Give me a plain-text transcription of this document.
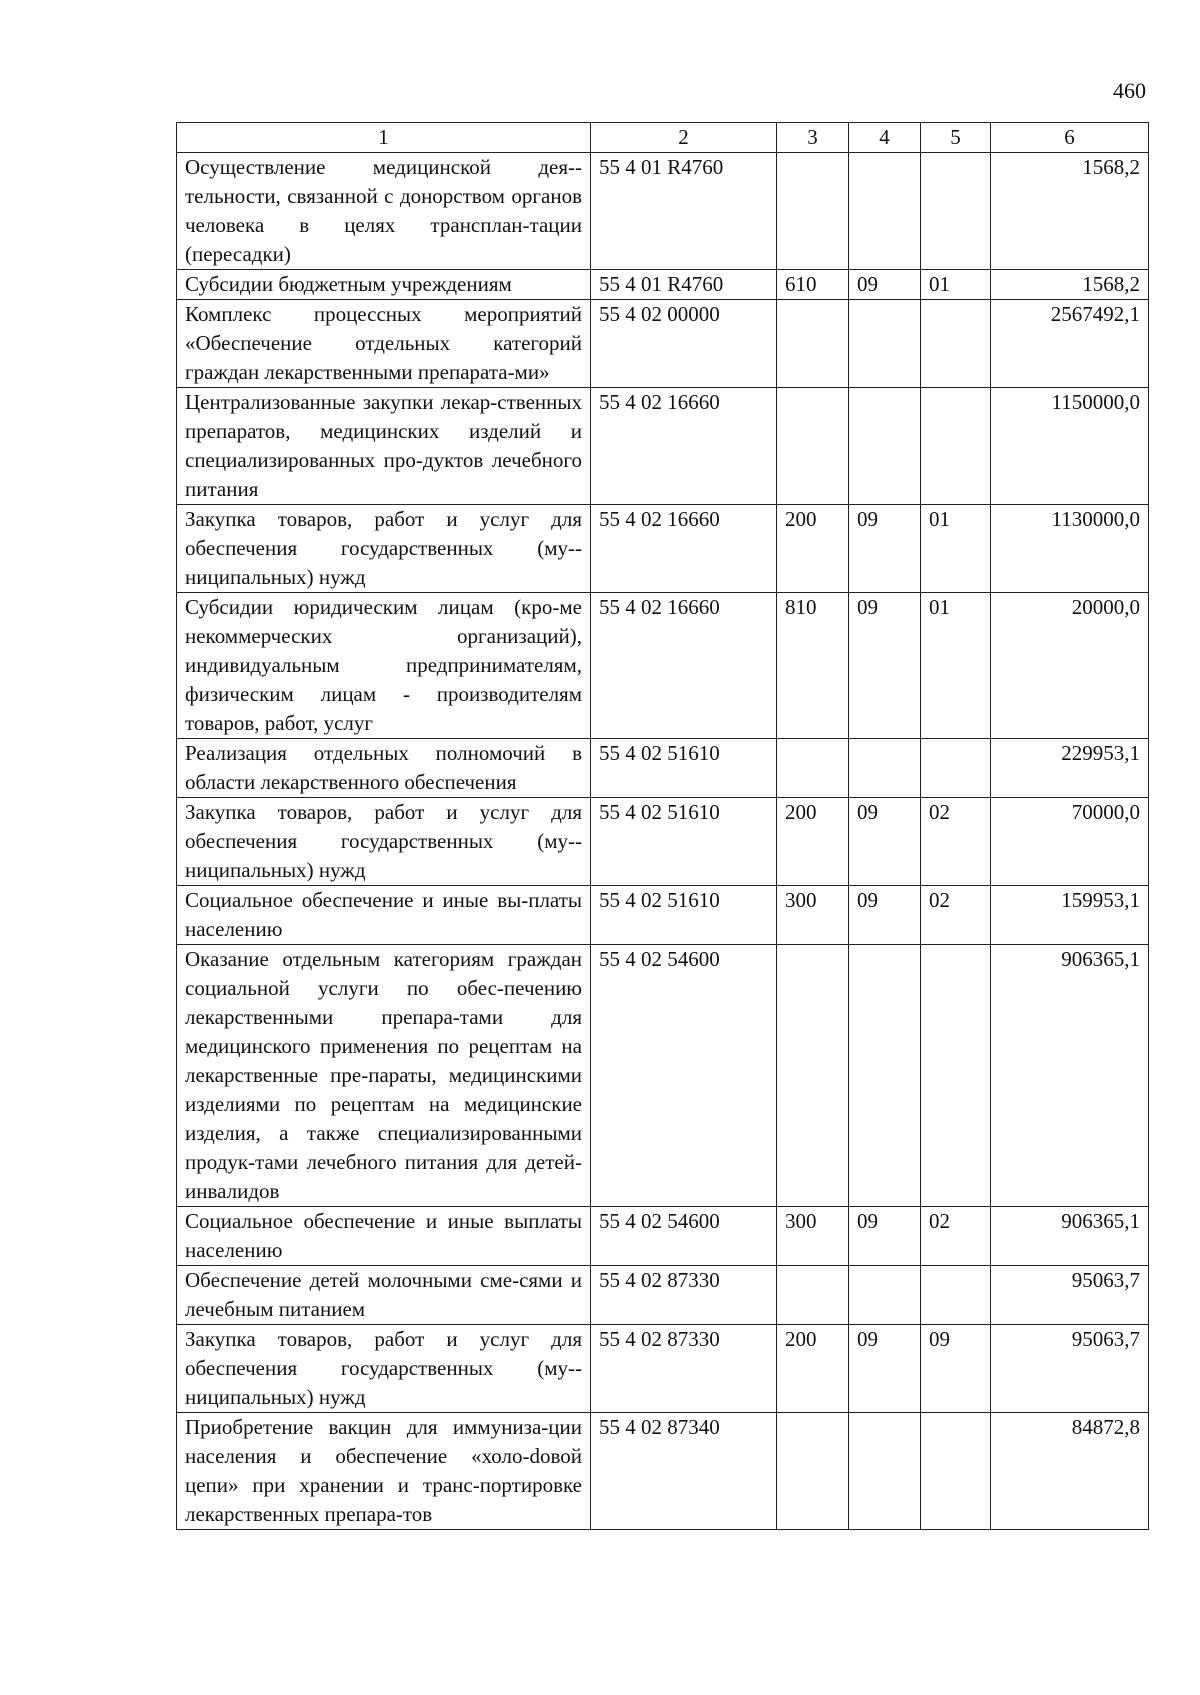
460
1	2	3	4	5	6
Осуществление медицинской дея-тельности, связанной с донорством органов человека в целях трансплан-тации (пересадки)	55 4 01 R4760				1568,2
Субсидии бюджетным учреждениям	55 4 01 R4760	610	09	01	1568,2
Комплекс процессных мероприятий «Обеспечение отдельных категорий граждан лекарственными препарата-ми»	55 4 02 00000				2567492,1
Централизованные закупки лекар-ственных препаратов, медицинских изделий и специализированных про-дуктов лечебного питания	55 4 02 16660				1150000,0
Закупка товаров, работ и услуг для обеспечения государственных (му-ниципальных) нужд	55 4 02 16660	200	09	01	1130000,0
Субсидии юридическим лицам (кро-ме некоммерческих организаций), индивидуальным предпринимателям, физическим лицам - производителям товаров, работ, услуг	55 4 02 16660	810	09	01	20000,0
Реализация отдельных полномочий в области лекарственного обеспечения	55 4 02 51610				229953,1
Закупка товаров, работ и услуг для обеспечения государственных (му-ниципальных) нужд	55 4 02 51610	200	09	02	70000,0
Социальное обеспечение и иные вы-платы населению	55 4 02 51610	300	09	02	159953,1
Оказание отдельным категориям граждан социальной услуги по обес-печению лекарственными препара-тами для медицинского применения по рецептам на лекарственные пре-параты, медицинскими изделиями по рецептам на медицинские изделия, а также специализированными продук-тами лечебного питания для детей-инвалидов	55 4 02 54600				906365,1
Социальное обеспечение и иные выплаты населению	55 4 02 54600	300	09	02	906365,1
Обеспечение детей молочными сме-сями и лечебным питанием	55 4 02 87330				95063,7
Закупка товаров, работ и услуг для обеспечения государственных (му-ниципальных) нужд	55 4 02 87330	200	09	09	95063,7
Приобретение вакцин для иммуниза-ции населения и обеспечение «холо-dовой цепи» при хранении и транс-портировке лекарственных препара-тов	55 4 02 87340				84872,8
